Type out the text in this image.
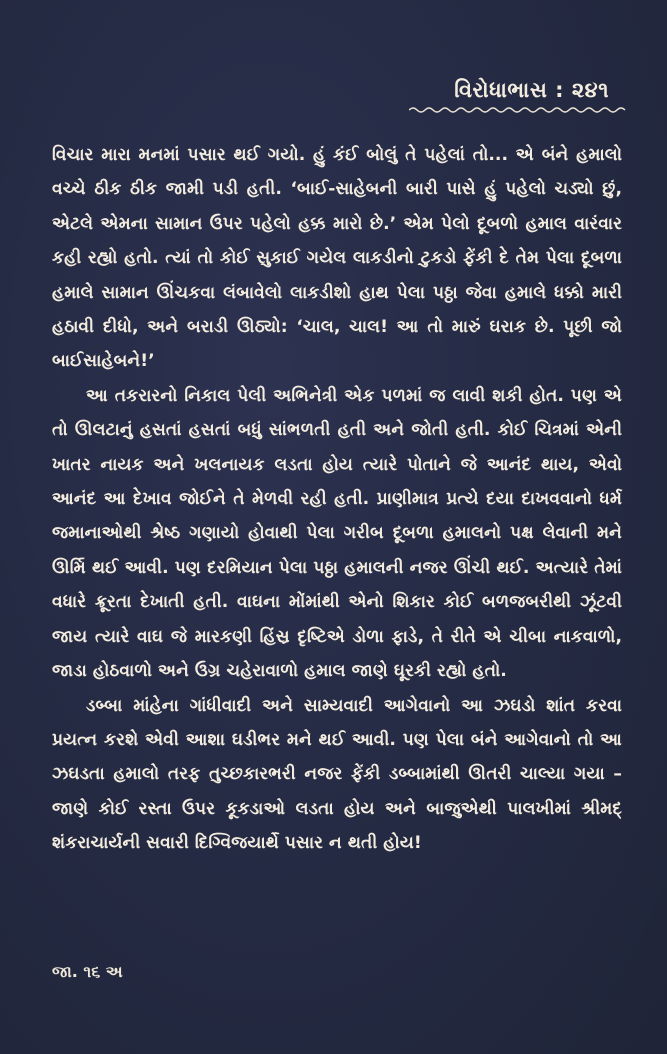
વિરોધાભાસ : ૨૪૧

વિચાર મારા મનમાં પસાર થઈ ગયો. હું કંઈ બોલું તે પહેલાં તો... એ બંને હમાલો વચ્ચે ઠીક ઠીક જામી પડી હતી. ‘બાઈ-સાહેબની બારી પાસે હું પહેલો ચડ્યો છું, એટલે એમના સામાન ઉપર પહેલો હક્ક મારો છે.’ એમ પેલો દૂબળો હમાલ વારંવાર કહી રહ્યો હતો. ત્યાં તો કોઈ સુકાઈ ગયેલ લાકડીનો ટુકડો ફેંકી દે તેમ પેલા દૂબળા હમાલે સામાન ઊંચકવા લંબાવેલો લાકડીશો હાથ પેલા પઠ્ઠા જેવા હમાલે ધક્કો મારી હઠાવી દીધો, અને બરાડી ઊઠ્યો: ‘ચાલ, ચાલ! આ તો મારું ઘરાક છે. પૂછી જો બાઈસાહેબને!’

આ તકરારનો નિકાલ પેલી અભિનેત્રી એક પળમાં જ લાવી શકી હોત. પણ એ તો ઊલટાનું હસતાં હસતાં બધું સાંભળતી હતી અને જોતી હતી. કોઈ ચિત્રમાં એની ખાતર નાયક અને ખલનાયક લડતા હોય ત્યારે પોતાને જે આનંદ થાય, એવો આનંદ આ દેખાવ જોઈને તે મેળવી રહી હતી. પ્રાણીમાત્ર પ્રત્યે દયા દાખવવાનો ધર્મ જમાનાઓથી શ્રેષ્ઠ ગણાયો હોવાથી પેલા ગરીબ દૂબળા હમાલનો પક્ષ લેવાની મને ઊર્મિ થઈ આવી. પણ દરમિયાન પેલા પઠ્ઠા હમાલની નજર ઊંચી થઈ. અત્યારે તેમાં વધારે ક્રૂરતા દેખાતી હતી. વાઘના મોંમાંથી એનો શિકાર કોઈ બળજબરીથી ઝૂંટવી જાય ત્યારે વાઘ જે મારકણી હિંસ્ર દૃષ્ટિએ ડોળા ફાડે, તે રીતે એ ચીબા નાકવાળો, જાડા હોઠવાળો અને ઉગ્ર ચહેરાવાળો હમાલ જાણે ઘૂરકી રહ્યો હતો.

ડબ્બા માંહેના ગાંધીવાદી અને સામ્યવાદી આગેવાનો આ ઝઘડો શાંત કરવા પ્રયત્ન કરશે એવી આશા ઘડીભર મને થઈ આવી. પણ પેલા બંને આગેવાનો તો આ ઝઘડતા હમાલો તરફ તુચ્છકારભરી નજર ફેંકી ડબ્બામાંથી ઊતરી ચાલ્યા ગયા – જાણે કોઈ રસ્તા ઉપર કૂકડાઓ લડતા હોય અને બાજુએથી પાલખીમાં શ્રીમદ્ શંકરાચાર્યની સવારી દિગ્વિજયાર્થે પસાર ન થતી હોય!

જા. ૧૬ અ
